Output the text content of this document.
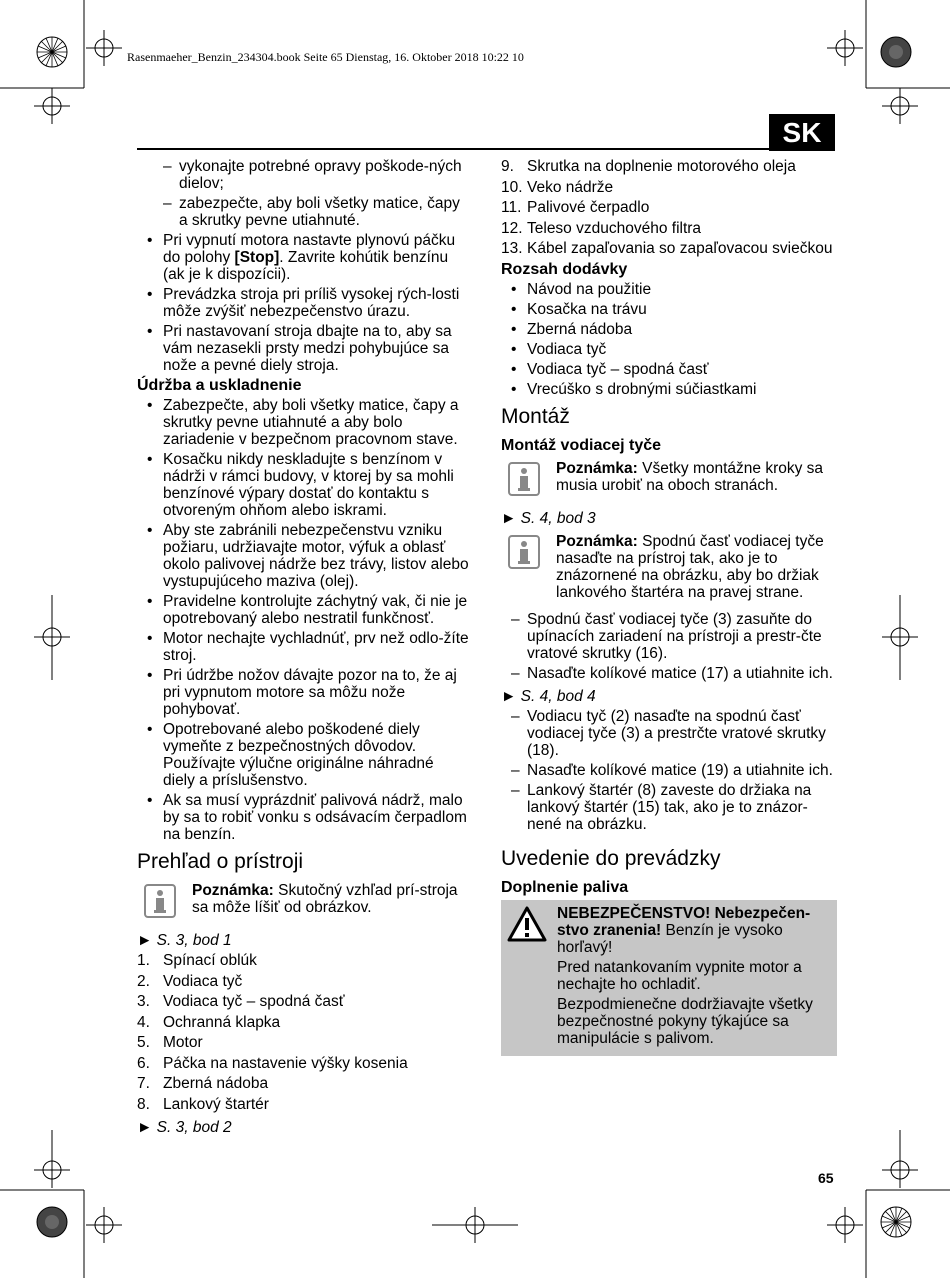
Rasenmaeher_Benzin_234304.book Seite 65 Dienstag, 16. Oktober 2018 10:22 10
SK
– vykonajte potrebné opravy poškode-ných dielov;
– zabezpečte, aby boli všetky matice, čapy a skrutky pevne utiahnuté.
• Pri vypnutí motora nastavte plynovú páčku do polohy [Stop]. Zavrite kohútik benzínu (ak je k dispozícii).
• Prevádzka stroja pri príliš vysokej rých-losti môže zvýšiť nebezpečenstvo úrazu.
• Pri nastavovaní stroja dbajte na to, aby sa vám nezasekli prsty medzi pohybujúce sa nože a pevné diely stroja.
Údržba a uskladnenie
• Zabezpečte, aby boli všetky matice, čapy a skrutky pevne utiahnuté a aby bolo zariadenie v bezpečnom pracovnom stave.
• Kosačku nikdy neskladujte s benzínom v nádrži v rámci budovy, v ktorej by sa mohli benzínové výpary dostať do kontaktu s otvoreným ohňom alebo iskrami.
• Aby ste zabránili nebezpečenstvu vzniku požiaru, udržiavajte motor, výfuk a oblasť okolo palivovej nádrže bez trávy, listov alebo vystupujúceho maziva (olej).
• Pravidelne kontrolujte záchytný vak, či nie je opotrebovaný alebo nestratil funkčnosť.
• Motor nechajte vychladnúť, prv než odlo-žíte stroj.
• Pri údržbe nožov dávajte pozor na to, že aj pri vypnutom motore sa môžu nože pohybovať.
• Opotrebované alebo poškodené diely vymeňte z bezpečnostných dôvodov. Používajte výlučne originálne náhradné diely a príslušenstvo.
• Ak sa musí vyprázdniť palivová nádrž, malo by sa to robiť vonku s odsávacím čerpadlom na benzín.
Prehľad o prístroji
Poznámka: Skutočný vzhľad prí-stroja sa môže líšiť od obrázkov.
► S. 3, bod 1
1. Spínací oblúk
2. Vodiaca tyč
3. Vodiaca tyč – spodná časť
4. Ochranná klapka
5. Motor
6. Páčka na nastavenie výšky kosenia
7. Zberná nádoba
8. Lankový štartér
► S. 3, bod 2
9. Skrutka na doplnenie motorového oleja
10. Veko nádrže
11. Palivové čerpadlo
12. Teleso vzduchového filtra
13. Kábel zapaľovania so zapaľovacou sviečkou
Rozsah dodávky
• Návod na použitie
• Kosačka na trávu
• Zberná nádoba
• Vodiaca tyč
• Vodiaca tyč – spodná časť
• Vrecúško s drobnými súčiastkami
Montáž
Montáž vodiacej tyče
Poznámka: Všetky montážne kroky sa musia urobiť na oboch stranách.
► S. 4, bod 3
Poznámka: Spodnú časť vodiacej tyče nasaďte na prístroj tak, ako je to znázornené na obrázku, aby bo držiak lankového štartéra na pravej strane.
– Spodnú časť vodiacej tyče (3) zasuňte do upínacích zariadení na prístroji a prestr-čte vratové skrutky (16).
– Nasaďte kolíkové matice (17) a utiahnite ich.
► S. 4, bod 4
– Vodiacu tyč (2) nasaďte na spodnú časť vodiacej tyče (3) a prestrčte vratové skrutky (18).
– Nasaďte kolíkové matice (19) a utiahnite ich.
– Lankový štartér (8) zaveste do držiaka na lankový štartér (15) tak, ako je to znázor-nené na obrázku.
Uvedenie do prevádzky
Doplnenie paliva

NEBEZPEČENSTVO! Nebezpečen-stvo zranenia! Benzín je vysoko horľavý!

Pred natankovaním vypnite motor a nechajte ho ochladiť.

Bezpodmienečne dodržiavajte všetky bezpečnostné pokyny týkajúce sa manipulácie s palivom.

65
